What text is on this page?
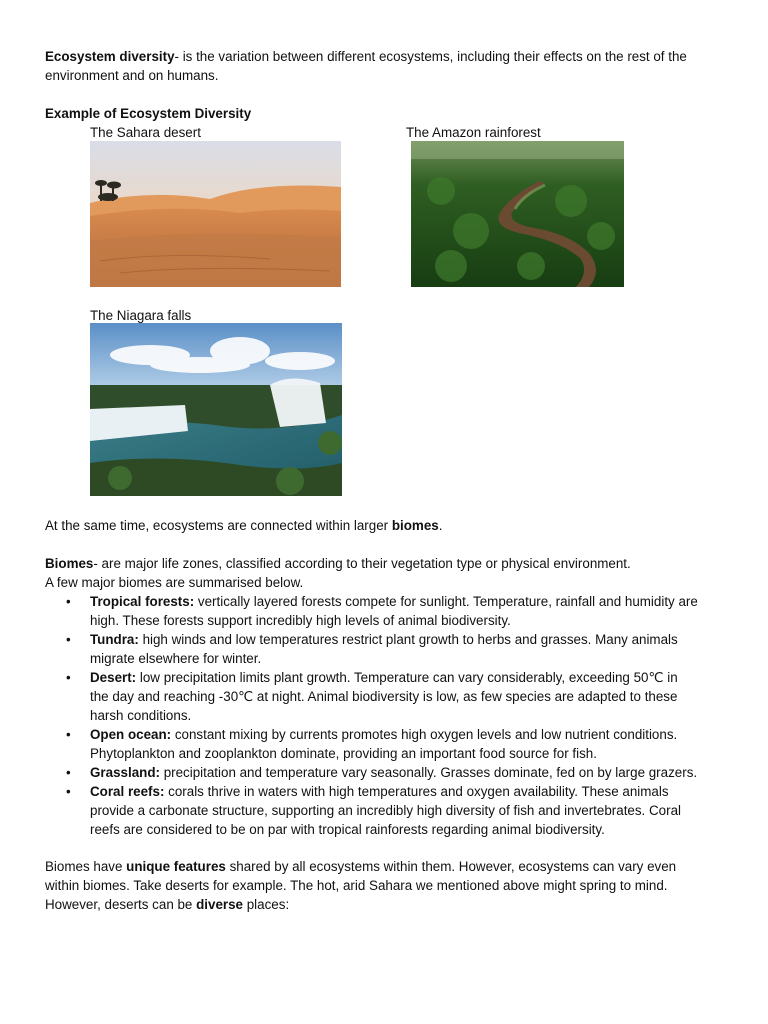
Ecosystem diversity- is the variation between different ecosystems, including their effects on the rest of the
environment and on humans.
Example of Ecosystem Diversity
The Sahara desert	The Amazon rainforest
The Niagara falls
At the same time, ecosystems are connected within larger biomes.
Biomes- are major life zones, classified according to their vegetation type or physical environment.
A few major biomes are summarised below.
• Tropical forests: vertically layered forests compete for sunlight. Temperature, rainfall and humidity are
high. These forests support incredibly high levels of animal biodiversity.
• Tundra: high winds and low temperatures restrict plant growth to herbs and grasses. Many animals
migrate elsewhere for winter.
• Desert: low precipitation limits plant growth. Temperature can vary considerably, exceeding 50℃ in
the day and reaching -30℃ at night. Animal biodiversity is low, as few species are adapted to these
harsh conditions.
• Open ocean: constant mixing by currents promotes high oxygen levels and low nutrient conditions.
Phytoplankton and zooplankton dominate, providing an important food source for fish.
• Grassland: precipitation and temperature vary seasonally. Grasses dominate, fed on by large grazers.
• Coral reefs: corals thrive in waters with high temperatures and oxygen availability. These animals
provide a carbonate structure, supporting an incredibly high diversity of fish and invertebrates. Coral
reefs are considered to be on par with tropical rainforests regarding animal biodiversity.
Biomes have unique features shared by all ecosystems within them. However, ecosystems can vary even
within biomes. Take deserts for example. The hot, arid Sahara we mentioned above might spring to mind.
However, deserts can be diverse places:
